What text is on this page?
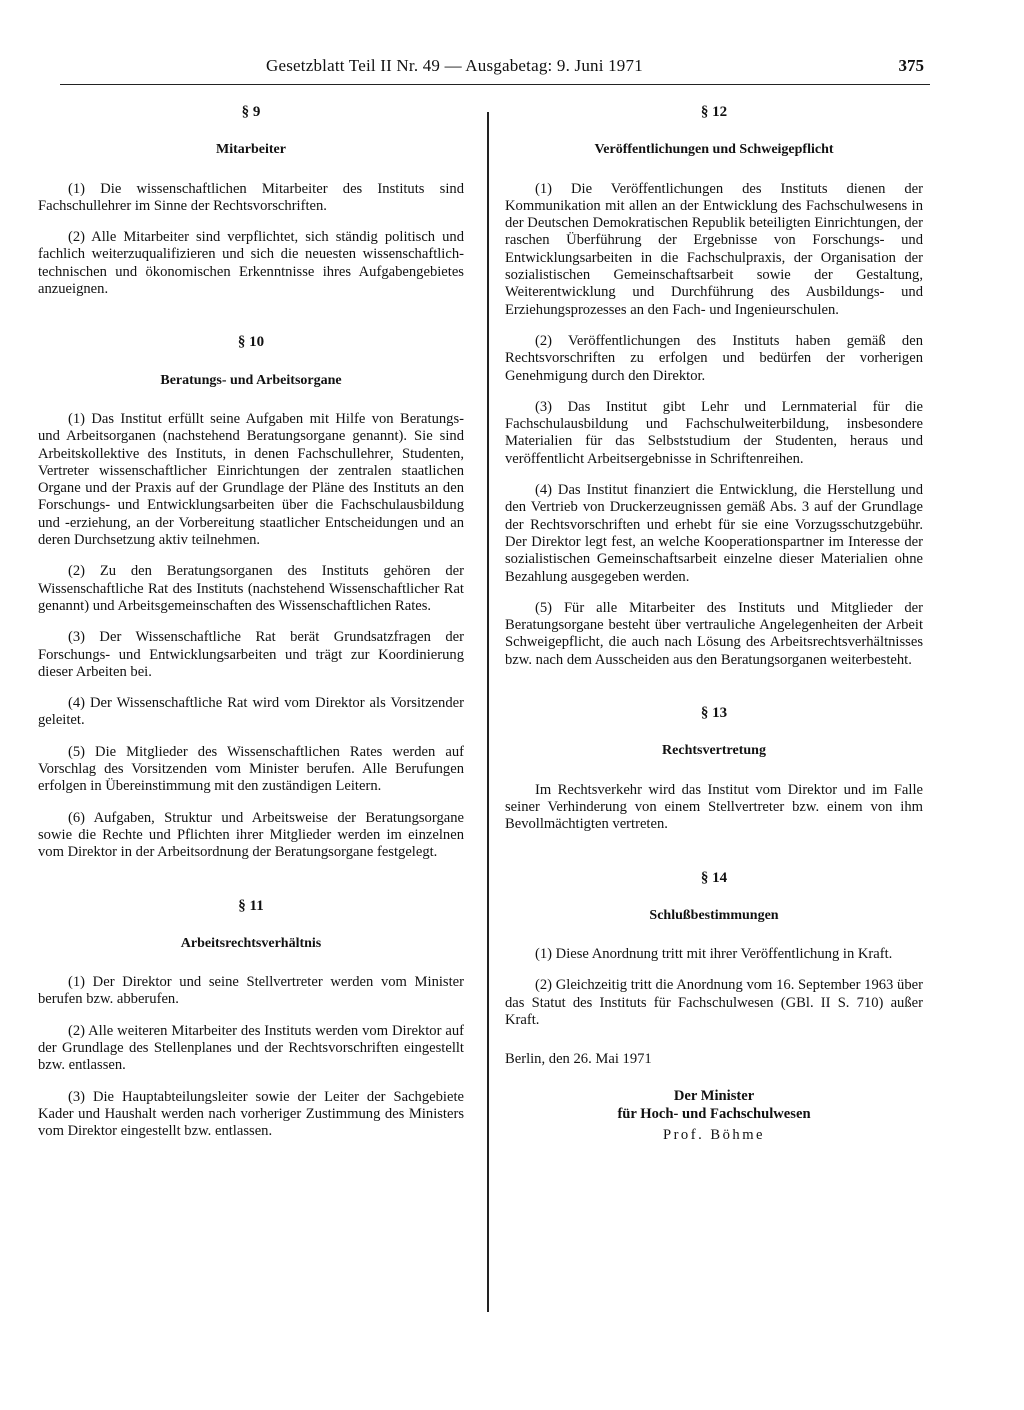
Gesetzblatt Teil II Nr. 49 — Ausgabetag: 9. Juni 1971	375
§ 9
Mitarbeiter

(1) Die wissenschaftlichen Mitarbeiter des Instituts sind Fachschullehrer im Sinne der Rechtsvorschriften.

(2) Alle Mitarbeiter sind verpflichtet, sich ständig politisch und fachlich weiterzuqualifizieren und sich die neuesten wissenschaftlich-technischen und ökonomischen Erkenntnisse ihres Aufgabengebietes anzueignen.

§ 10
Beratungs- und Arbeitsorgane

(1) Das Institut erfüllt seine Aufgaben mit Hilfe von Beratungs- und Arbeitsorganen (nachstehend Beratungsorgane genannt). Sie sind Arbeitskollektive des Instituts, in denen Fachschullehrer, Studenten, Vertreter wissenschaftlicher Einrichtungen der zentralen staatlichen Organe und der Praxis auf der Grundlage der Pläne des Instituts an den Forschungs- und Entwicklungsarbeiten über die Fachschulausbildung und -erziehung, an der Vorbereitung staatlicher Entscheidungen und an deren Durchsetzung aktiv teilnehmen.

(2) Zu den Beratungsorganen des Instituts gehören der Wissenschaftliche Rat des Instituts (nachstehend Wissenschaftlicher Rat genannt) und Arbeitsgemeinschaften des Wissenschaftlichen Rates.

(3) Der Wissenschaftliche Rat berät Grundsatzfragen der Forschungs- und Entwicklungsarbeiten und trägt zur Koordinierung dieser Arbeiten bei.

(4) Der Wissenschaftliche Rat wird vom Direktor als Vorsitzender geleitet.

(5) Die Mitglieder des Wissenschaftlichen Rates werden auf Vorschlag des Vorsitzenden vom Minister berufen. Alle Berufungen erfolgen in Übereinstimmung mit den zuständigen Leitern.

(6) Aufgaben, Struktur und Arbeitsweise der Beratungsorgane sowie die Rechte und Pflichten ihrer Mitglieder werden im einzelnen vom Direktor in der Arbeitsordnung der Beratungsorgane festgelegt.

§ 11
Arbeitsrechtsverhältnis

(1) Der Direktor und seine Stellvertreter werden vom Minister berufen bzw. abberufen.

(2) Alle weiteren Mitarbeiter des Instituts werden vom Direktor auf der Grundlage des Stellenplanes und der Rechtsvorschriften eingestellt bzw. entlassen.

(3) Die Hauptabteilungsleiter sowie der Leiter der Sachgebiete Kader und Haushalt werden nach vorheriger Zustimmung des Ministers vom Direktor eingestellt bzw. entlassen.

§ 12
Veröffentlichungen und Schweigepflicht

(1) Die Veröffentlichungen des Instituts dienen der Kommunikation mit allen an der Entwicklung des Fachschulwesens in der Deutschen Demokratischen Republik beteiligten Einrichtungen, der raschen Überführung der Ergebnisse von Forschungs- und Entwicklungsarbeiten in die Fachschulpraxis, der Organisation der sozialistischen Gemeinschaftsarbeit sowie der Gestaltung, Weiterentwicklung und Durchführung des Ausbildungs- und Erziehungsprozesses an den Fach- und Ingenieurschulen.

(2) Veröffentlichungen des Instituts haben gemäß den Rechtsvorschriften zu erfolgen und bedürfen der vorherigen Genehmigung durch den Direktor.

(3) Das Institut gibt Lehr und Lernmaterial für die Fachschulausbildung und Fachschulweiterbildung, insbesondere Materialien für das Selbststudium der Studenten, heraus und veröffentlicht Arbeitsergebnisse in Schriftenreihen.

(4) Das Institut finanziert die Entwicklung, die Herstellung und den Vertrieb von Druckerzeugnissen gemäß Abs. 3 auf der Grundlage der Rechtsvorschriften und erhebt für sie eine Vorzugsschutzgebühr. Der Direktor legt fest, an welche Kooperationspartner im Interesse der sozialistischen Gemeinschaftsarbeit einzelne dieser Materialien ohne Bezahlung ausgegeben werden.

(5) Für alle Mitarbeiter des Instituts und Mitglieder der Beratungsorgane besteht über vertrauliche Angelegenheiten der Arbeit Schweigepflicht, die auch nach Lösung des Arbeitsrechtsverhältnisses bzw. nach dem Ausscheiden aus den Beratungsorganen weiterbesteht.

§ 13
Rechtsvertretung

Im Rechtsverkehr wird das Institut vom Direktor und im Falle seiner Verhinderung von einem Stellvertreter bzw. einem von ihm Bevollmächtigten vertreten.

§ 14
Schlußbestimmungen

(1) Diese Anordnung tritt mit ihrer Veröffentlichung in Kraft.

(2) Gleichzeitig tritt die Anordnung vom 16. September 1963 über das Statut des Instituts für Fachschulwesen (GBl. II S. 710) außer Kraft.

Berlin, den 26. Mai 1971

Der Minister
für Hoch- und Fachschulwesen
Prof. Böhme
